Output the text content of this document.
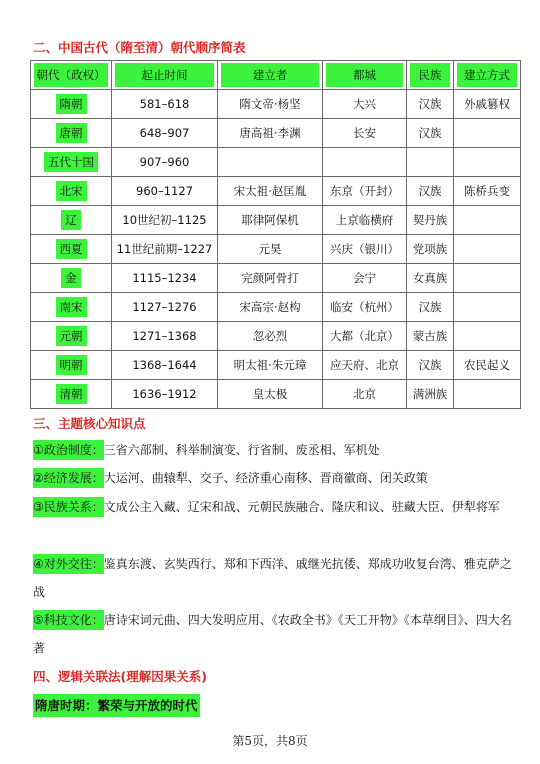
二、中国古代（隋至清）朝代顺序简表
朝代（政权）	起止时间	建立者	都城	民族	建立方式

隋朝	581–618	隋文帝·杨坚	大兴	汉族	外戚篡权
唐朝	648–907	唐高祖·李渊	长安	汉族	
五代十国	907–960				
北宋	960–1127	宋太祖·赵匡胤	东京（开封）	汉族	陈桥兵变
辽	10世纪初–1125	耶律阿保机	上京临横府	契丹族	
西夏	11世纪前期–1227	元昊	兴庆（银川）	党项族	
金	1115–1234	完颜阿骨打	会宁	女真族	
南宋	1127–1276	宋高宗·赵构	临安（杭州）	汉族	
元朝	1271–1368	忽必烈	大都（北京）	蒙古族	
明朝	1368–1644	明太祖·朱元璋	应天府、北京	汉族	农民起义
清朝	1636–1912	皇太极	北京	满洲族	
三、主题核心知识点
①政治制度：三省六部制、科举制演变、行省制、废丞相、军机处
②经济发展：大运河、曲辕犁、交子、经济重心南移、晋商徽商、闭关政策
③民族关系：文成公主入藏、辽宋和战、元朝民族融合、隆庆和议、驻藏大臣、伊犁将军
④对外交往：鉴真东渡、玄奘西行、郑和下西洋、戚继光抗倭、郑成功收复台湾、雅克萨之战
⑤科技文化：唐诗宋词元曲、四大发明应用、《农政全书》《天工开物》《本草纲目》、四大名著
四、逻辑关联法(理解因果关系)
隋唐时期：繁荣与开放的时代
第5页，共8页
